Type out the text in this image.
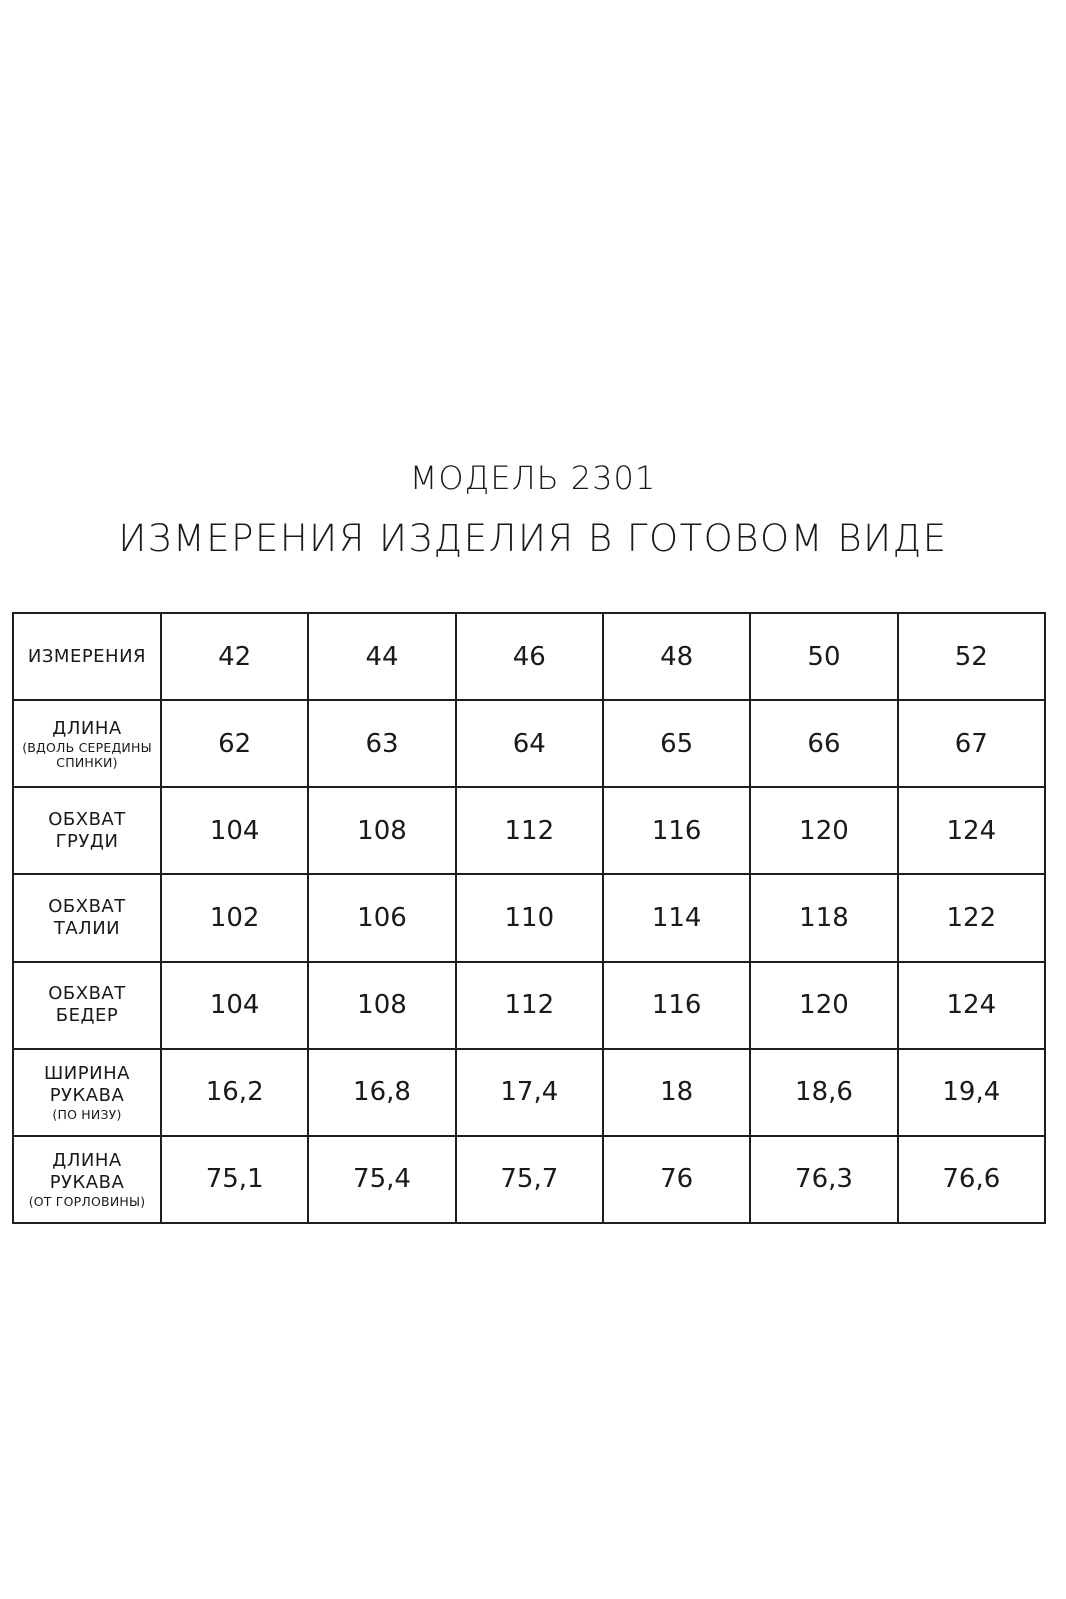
МОДЕЛЬ 2301
ИЗМЕРЕНИЯ ИЗДЕЛИЯ В ГОТОВОМ ВИДЕ
ИЗМЕРЕНИЯ	42	44	46	48	50	52

ДЛИНА
(ВДОЛЬ СЕРЕДИНЫ
СПИНКИ)	62	63	64	65	66	67

ОБХВАТ
ГРУДИ	104	108	112	116	120	124

ОБХВАТ
ТАЛИИ	102	106	110	114	118	122

ОБХВАТ
БЕДЕР	104	108	112	116	120	124

ШИРИНА
РУКАВА
(ПО НИЗУ)	16,2	16,8	17,4	18	18,6	19,4

ДЛИНА
РУКАВА
(ОТ ГОРЛОВИНЫ)	75,1	75,4	75,7	76	76,3	76,6
